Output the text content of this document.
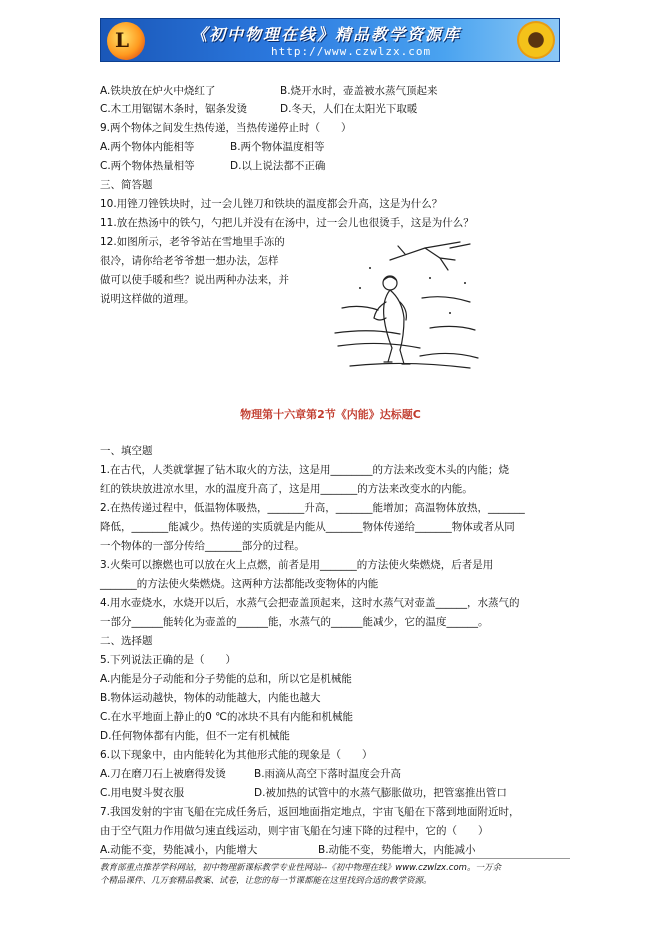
L	《初中物理在线》精品教学资源库
http://www.czwlzx.com
A.铁块放在炉火中烧红了	B.烧开水时，壶盖被水蒸气顶起来
C.木工用锯锯木条时，锯条发烫	D.冬天，人们在太阳光下取暖
9.两个物体之间发生热传递，当热传递停止时（　　）
A.两个物体内能相等	B.两个物体温度相等
C.两个物体热量相等	D.以上说法都不正确
三、简答题
10.用锉刀锉铁块时，过一会儿锉刀和铁块的温度都会升高，这是为什么？
11.放在热汤中的铁勺，勺把儿并没有在汤中，过一会儿也很烫手，这是为什么？
12.如图所示，老爷爷站在雪地里手冻的
很冷，请你给老爷爷想一想办法，怎样
做可以使手暖和些？说出两种办法来，并
说明这样做的道理。
物理第十六章第2节《内能》达标题C
一、填空题
1.在古代，人类就掌握了钻木取火的方法，这是用________的方法来改变木头的内能；烧
红的铁块放进凉水里，水的温度升高了，这是用_______的方法来改变水的内能。
2.在热传递过程中，低温物体吸热，_______升高，_______能增加；高温物体放热，_______
降低，_______能减少。热传递的实质就是内能从_______物体传递给_______物体或者从同
一个物体的一部分传给_______部分的过程。
3.火柴可以擦燃也可以放在火上点燃，前者是用_______的方法使火柴燃烧，后者是用
_______的方法使火柴燃烧。这两种方法都能改变物体的内能
4.用水壶烧水，水烧开以后，水蒸气会把壶盖顶起来，这时水蒸气对壶盖______，水蒸气的
一部分______能转化为壶盖的______能，水蒸气的______能减少，它的温度______。
二、选择题
5.下列说法正确的是（　　）
A.内能是分子动能和分子势能的总和，所以它是机械能
B.物体运动越快，物体的动能越大，内能也越大
C.在水平地面上静止的0 ℃的冰块不具有内能和机械能
D.任何物体都有内能，但不一定有机械能
6.以下现象中，由内能转化为其他形式能的现象是（　　）
A.刀在磨刀石上被磨得发烫	B.雨滴从高空下落时温度会升高
C.用电熨斗熨衣服	D.被加热的试管中的水蒸气膨胀做功，把管塞推出管口
7.我国发射的宇宙飞船在完成任务后，返回地面指定地点，宇宙飞船在下落到地面附近时，
由于空气阻力作用做匀速直线运动，则宇宙飞船在匀速下降的过程中，它的（　　）
A.动能不变，势能减小，内能增大	B.动能不变，势能增大，内能减小
教育部重点推荐学科网站，初中物理新课标教学专业性网站--《初中物理在线》www.czwlzx.com。一万余
个精品课件、几万套精品教案、试卷，让您的每一节课都能在这里找到合适的教学资源。
